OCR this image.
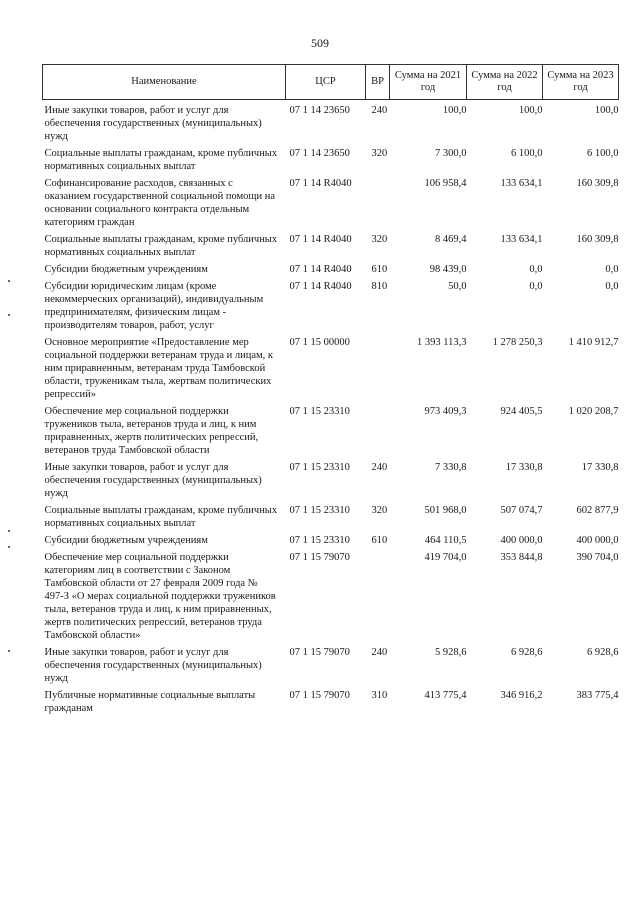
509
Наименование	ЦСР	ВР	Сумма на 2021 год	Сумма на 2022 год	Сумма на 2023 год

Иные закупки товаров, работ и услуг для обеспечения государственных (муниципальных) нужд	07 1 14 23650	240	100,0	100,0	100,0

Социальные выплаты гражданам, кроме публичных нормативных социальных выплат	07 1 14 23650	320	7 300,0	6 100,0	6 100,0

Софинансирование расходов, связанных с оказанием государственной социальной помощи на основании социального контракта отдельным категориям граждан	07 1 14 R4040		106 958,4	133 634,1	160 309,8

Социальные выплаты гражданам, кроме публичных нормативных социальных выплат	07 1 14 R4040	320	8 469,4	133 634,1	160 309,8

Субсидии бюджетным учреждениям	07 1 14 R4040	610	98 439,0	0,0	0,0

Субсидии юридическим лицам (кроме некоммерческих организаций), индивидуальным предпринимателям, физическим лицам - производителям товаров, работ, услуг	07 1 14 R4040	810	50,0	0,0	0,0

Основное мероприятие «Предоставление мер социальной поддержки ветеранам труда и лицам, к ним приравненным, ветеранам труда Тамбовской области, труженикам тыла, жертвам политических репрессий»	07 1 15 00000		1 393 113,3	1 278 250,3	1 410 912,7

Обеспечение мер социальной поддержки тружеников тыла, ветеранов труда и лиц, к ним приравненных, жертв политических репрессий, ветеранов труда Тамбовской области	07 1 15 23310		973 409,3	924 405,5	1 020 208,7

Иные закупки товаров, работ и услуг для обеспечения государственных (муниципальных) нужд	07 1 15 23310	240	7 330,8	17 330,8	17 330,8

Социальные выплаты гражданам, кроме публичных нормативных социальных выплат	07 1 15 23310	320	501 968,0	507 074,7	602 877,9

Субсидии бюджетным учреждениям	07 1 15 23310	610	464 110,5	400 000,0	400 000,0

Обеспечение мер социальной поддержки категориям лиц в соответствии с Законом Тамбовской области от 27 февраля 2009 года № 497-З «О мерах социальной поддержки тружеников тыла, ветеранов труда и лиц, к ним приравненных, жертв политических репрессий, ветеранов труда Тамбовской области»	07 1 15 79070		419 704,0	353 844,8	390 704,0

Иные закупки товаров, работ и услуг для обеспечения государственных (муниципальных) нужд	07 1 15 79070	240	5 928,6	6 928,6	6 928,6

Публичные нормативные социальные выплаты гражданам	07 1 15 79070	310	413 775,4	346 916,2	383 775,4
